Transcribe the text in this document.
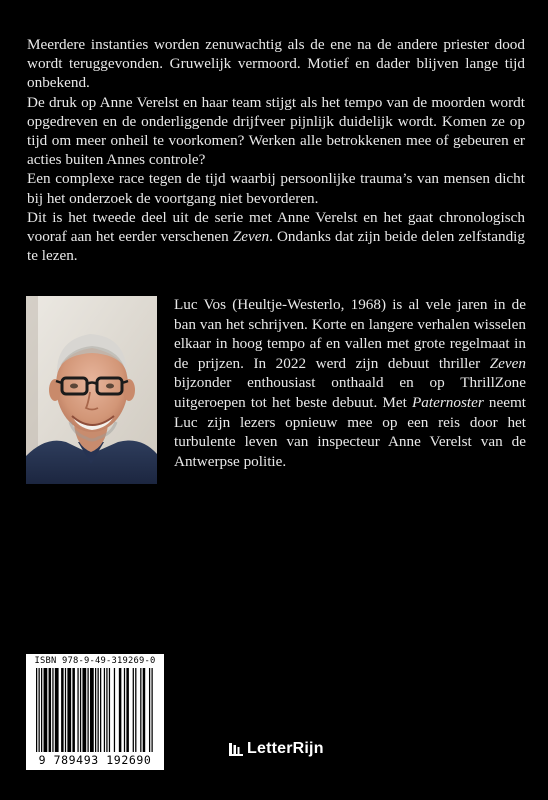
Meerdere instanties worden zenuwachtig als de ene na de andere priester dood wordt teruggevonden. Gruwelijk vermoord. Motief en dader blijven lange tijd onbekend.

De druk op Anne Verelst en haar team stijgt als het tempo van de moorden wordt opgedreven en de onderliggende drijfveer pijnlijk duidelijk wordt. Komen ze op tijd om meer onheil te voorkomen? Werken alle betrokkenen mee of gebeuren er acties buiten Annes controle?

Een complexe race tegen de tijd waarbij persoonlijke trauma’s van mensen dicht bij het onderzoek de voortgang niet bevorderen.

Dit is het tweede deel uit de serie met Anne Verelst en het gaat chronologisch vooraf aan het eerder verschenen Zeven. Ondanks dat zijn beide delen zelfstandig te lezen.

Luc Vos (Heultje-Westerlo, 1968) is al vele jaren in de ban van het schrijven. Korte en langere verhalen wisselen elkaar in hoog tempo af en vallen met grote regelmaat in de prijzen. In 2022 werd zijn debuut thriller Zeven bijzonder enthousiast onthaald en op ThrillZone uitgeroepen tot het beste debuut. Met Paternoster neemt Luc zijn lezers opnieuw mee op een reis door het turbulente leven van inspecteur Anne Verelst van de Antwerpse politie.

ISBN 978-9-49-319269-0
9 789493 192690
LetterRijn
